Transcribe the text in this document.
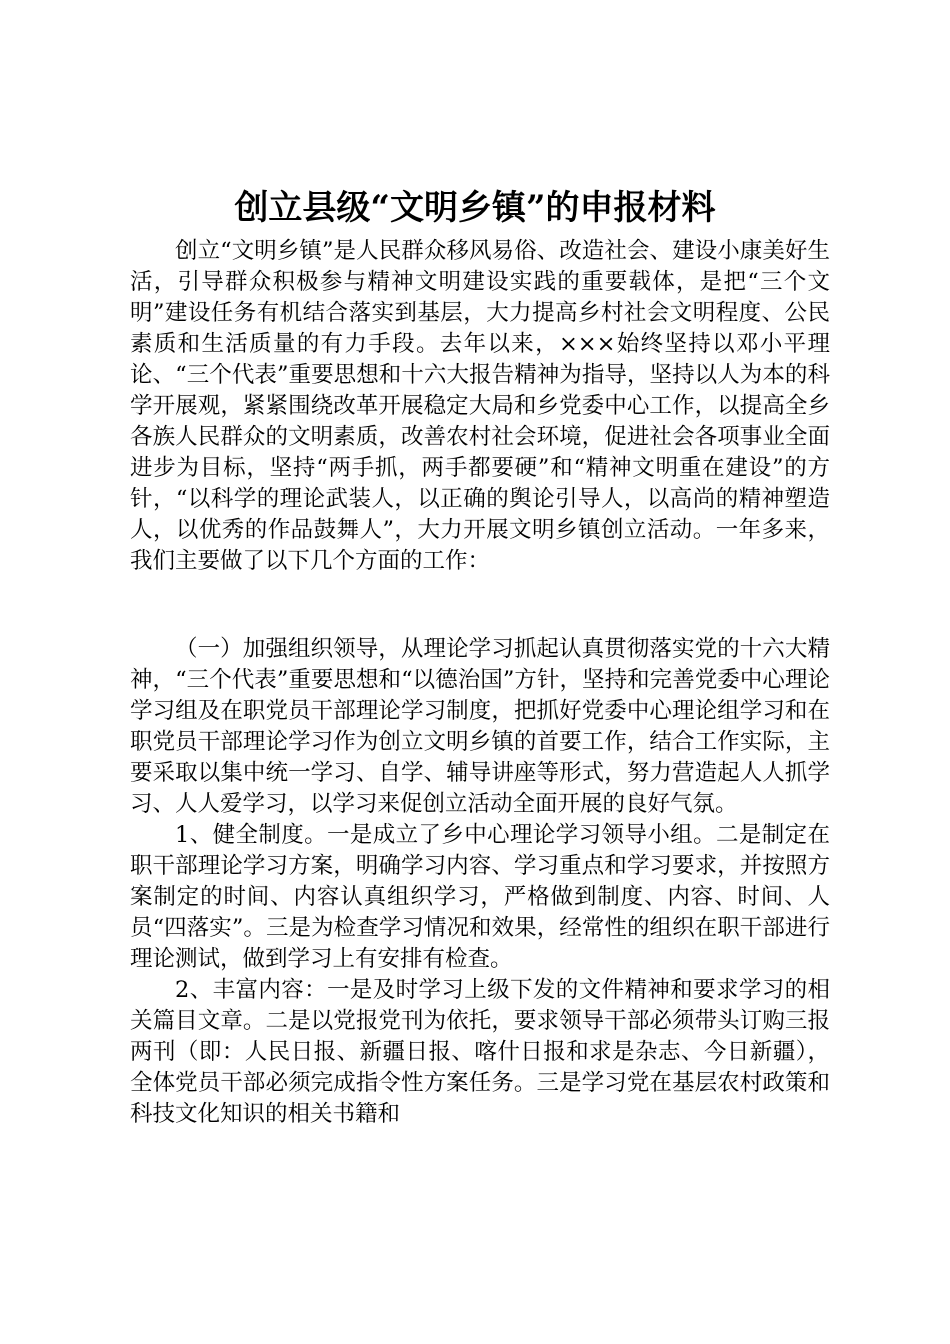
创立县级“文明乡镇”的申报材料

创立“文明乡镇”是人民群众移风易俗、改造社会、建设小康美好生活，引导群众积极参与精神文明建设实践的重要载体，是把“三个文明”建设任务有机结合落实到基层，大力提高乡村社会文明程度、公民素质和生活质量的有力手段。去年以来，×××始终坚持以邓小平理论、“三个代表”重要思想和十六大报告精神为指导，坚持以人为本的科学开展观，紧紧围绕改革开展稳定大局和乡党委中心工作，以提高全乡各族人民群众的文明素质，改善农村社会环境，促进社会各项事业全面进步为目标，坚持“两手抓，两手都要硬”和“精神文明重在建设”的方针，“以科学的理论武装人，以正确的舆论引导人，以高尚的精神塑造人，以优秀的作品鼓舞人”，大力开展文明乡镇创立活动。一年多来，我们主要做了以下几个方面的工作：

（一）加强组织领导，从理论学习抓起认真贯彻落实党的十六大精神，“三个代表”重要思想和“以德治国”方针，坚持和完善党委中心理论学习组及在职党员干部理论学习制度，把抓好党委中心理论组学习和在职党员干部理论学习作为创立文明乡镇的首要工作，结合工作实际，主要采取以集中统一学习、自学、辅导讲座等形式，努力营造起人人抓学习、人人爱学习，以学习来促创立活动全面开展的良好气氛。

1、健全制度。一是成立了乡中心理论学习领导小组。二是制定在职干部理论学习方案，明确学习内容、学习重点和学习要求，并按照方案制定的时间、内容认真组织学习，严格做到制度、内容、时间、人员“四落实”。三是为检查学习情况和效果，经常性的组织在职干部进行理论测试，做到学习上有安排有检查。

2、丰富内容：一是及时学习上级下发的文件精神和要求学习的相关篇目文章。二是以党报党刊为依托，要求领导干部必须带头订购三报两刊（即：人民日报、新疆日报、喀什日报和求是杂志、今日新疆），全体党员干部必须完成指令性方案任务。三是学习党在基层农村政策和科技文化知识的相关书籍和
